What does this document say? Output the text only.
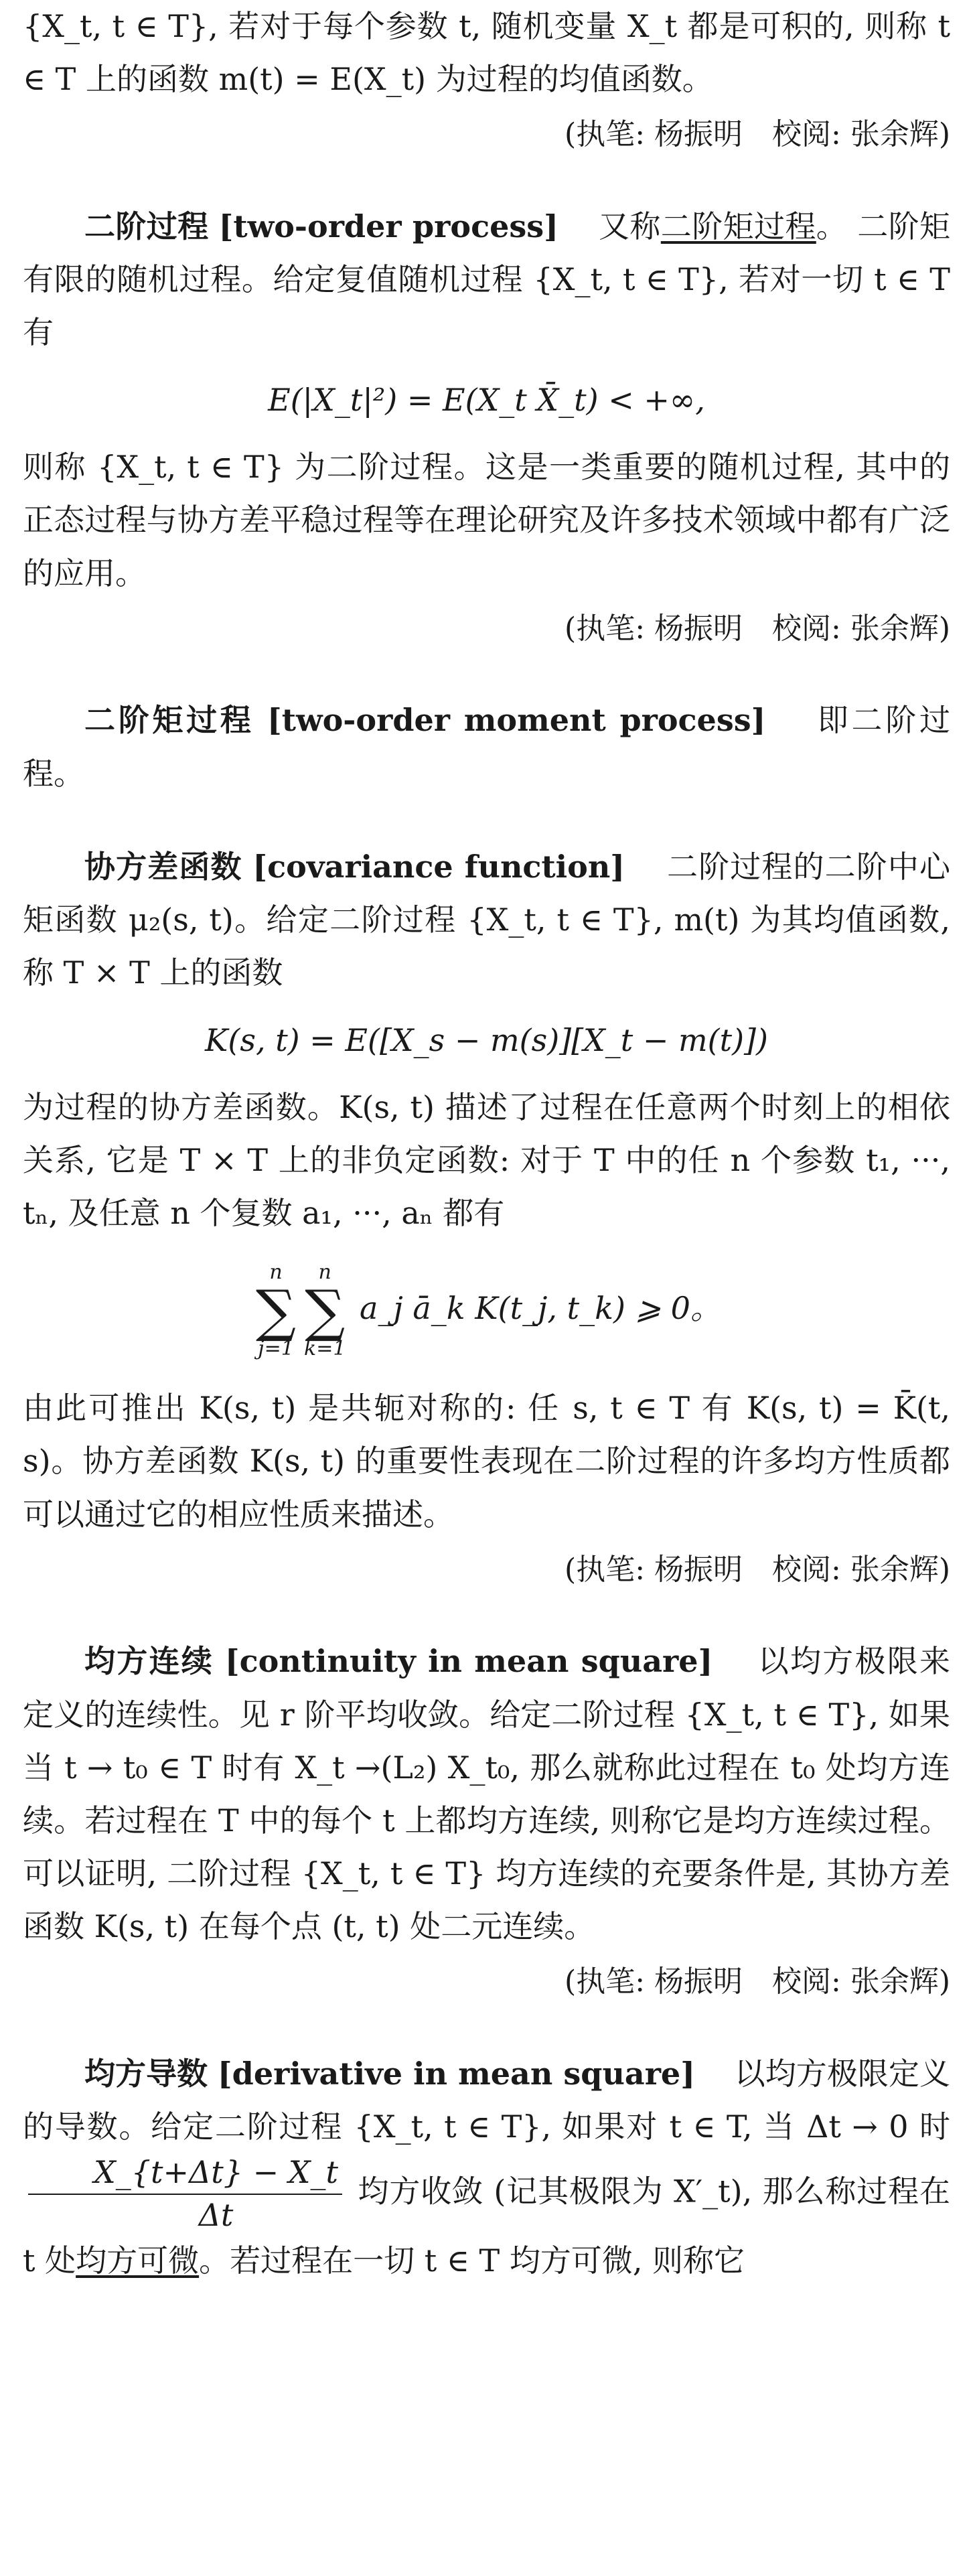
{X_t, t ∈ T}, 若对于每个参数 t, 随机变量 X_t 都是可积的, 则称 t ∈ T 上的函数 m(t) = E(X_t) 为过程的均值函数。

(执笔: 杨振明 校阅: 张余辉)

二阶过程 [two-order process] 又称二阶矩过程。 二阶矩有限的随机过程。给定复值随机过程 {X_t, t ∈ T}, 若对一切 t ∈ T 有

E(|X_t|²) = E(X_t X̄_t) < +∞,

则称 {X_t, t ∈ T} 为二阶过程。这是一类重要的随机过程, 其中的正态过程与协方差平稳过程等在理论研究及许多技术领域中都有广泛的应用。

(执笔: 杨振明 校阅: 张余辉)

二阶矩过程 [two-order moment process] 即二阶过程。

协方差函数 [covariance function] 二阶过程的二阶中心矩函数 μ₂(s, t)。给定二阶过程 {X_t, t ∈ T}, m(t) 为其均值函数, 称 T × T 上的函数

K(s, t) = E([X_s − m(s)][X_t − m(t)])

为过程的协方差函数。K(s, t) 描述了过程在任意两个时刻上的相依关系, 它是 T × T 上的非负定函数: 对于 T 中的任 n 个参数 t₁, ···, tₙ, 及任意 n 个复数 a₁, ···, aₙ 都有

n
∑
j=1
n
∑
k=1
a_j ā_k K(t_j, t_k) ⩾ 0。

由此可推出 K(s, t) 是共轭对称的: 任 s, t ∈ T 有 K(s, t) = K̄(t, s)。协方差函数 K(s, t) 的重要性表现在二阶过程的许多均方性质都可以通过它的相应性质来描述。

(执笔: 杨振明 校阅: 张余辉)

均方连续 [continuity in mean square] 以均方极限来定义的连续性。见 r 阶平均收敛。给定二阶过程 {X_t, t ∈ T}, 如果当 t → t₀ ∈ T 时有 X_t →(L₂) X_t₀, 那么就称此过程在 t₀ 处均方连续。若过程在 T 中的每个 t 上都均方连续, 则称它是均方连续过程。可以证明, 二阶过程 {X_t, t ∈ T} 均方连续的充要条件是, 其协方差函数 K(s, t) 在每个点 (t, t) 处二元连续。

(执笔: 杨振明 校阅: 张余辉)

均方导数 [derivative in mean square] 以均方极限定义的导数。给定二阶过程 {X_t, t ∈ T}, 如果对 t ∈ T, 当 Δt → 0 时
$\frac{X\_\{t+\Delta t\} - X\_t}{\Delta t}$ 均方收敛 (记其极限为 X′_t), 那么称过程在 t 处均方可微。若过程在一切 t ∈ T 均方可微, 则称它
